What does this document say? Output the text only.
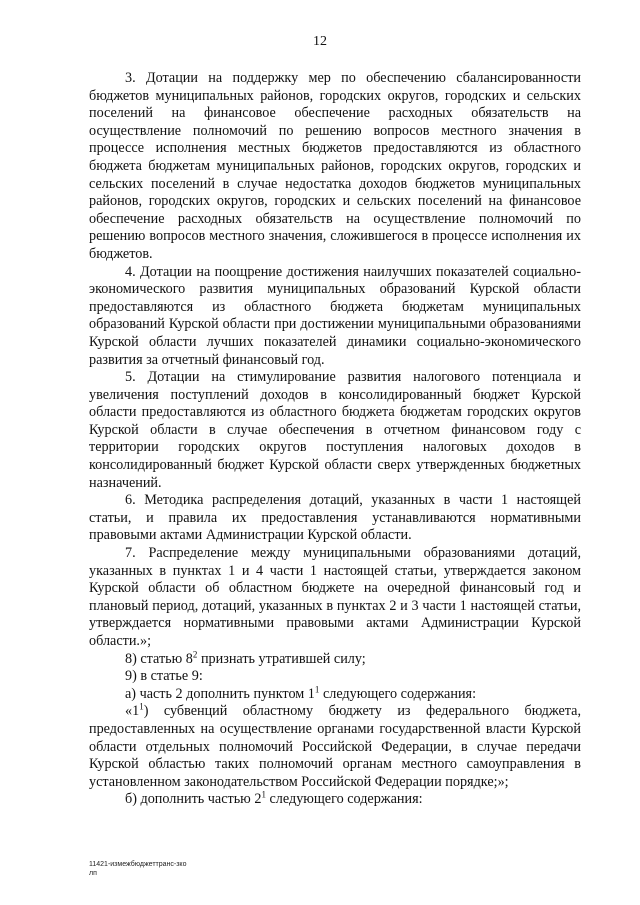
12

3. Дотации на поддержку мер по обеспечению сбалансированности бюджетов муниципальных районов, городских округов, городских и сельских поселений на финансовое обеспечение расходных обязательств на осуществление полномочий по решению вопросов местного значения в процессе исполнения местных бюджетов предоставляются из областного бюджета бюджетам муниципальных районов, городских округов, городских и сельских поселений в случае недостатка доходов бюджетов муниципальных районов, городских округов, городских и сельских поселений на финансовое обеспечение расходных обязательств на осуществление полномочий по решению вопросов местного значения, сложившегося в процессе исполнения их бюджетов.

4. Дотации на поощрение достижения наилучших показателей социально-экономического развития муниципальных образований Курской области предоставляются из областного бюджета бюджетам муниципальных образований Курской области при достижении муниципальными образованиями Курской области лучших показателей динамики социально-экономического развития за отчетный финансовый год.

5. Дотации на стимулирование развития налогового потенциала и увеличения поступлений доходов в консолидированный бюджет Курской области предоставляются из областного бюджета бюджетам городских округов Курской области в случае обеспечения в отчетном финансовом году с территории городских округов поступления налоговых доходов в консолидированный бюджет Курской области сверх утвержденных бюджетных назначений.

6. Методика распределения дотаций, указанных в части 1 настоящей статьи, и правила их предоставления устанавливаются нормативными правовыми актами Администрации Курской области.

7. Распределение между муниципальными образованиями дотаций, указанных в пунктах 1 и 4 части 1 настоящей статьи, утверждается законом Курской области об областном бюджете на очередной финансовый год и плановый период, дотаций, указанных в пунктах 2 и 3 части 1 настоящей статьи, утверждается нормативными правовыми актами Администрации Курской области.»;

8) статью $8^2$ признать утратившей силу;

9) в статье 9:

а) часть 2 дополнить пунктом $1^1$ следующего содержания:

«$1^1$) субвенций областному бюджету из федерального бюджета, предоставленных на осуществление органами государственной власти Курской области отдельных полномочий Российской Федерации, в случае передачи Курской областью таких полномочий органам местного самоуправления в установленном законодательством Российской Федерации порядке;»;

б) дополнить частью $2^1$ следующего содержания:

11421-измежбюджеттранс-зко
лп
